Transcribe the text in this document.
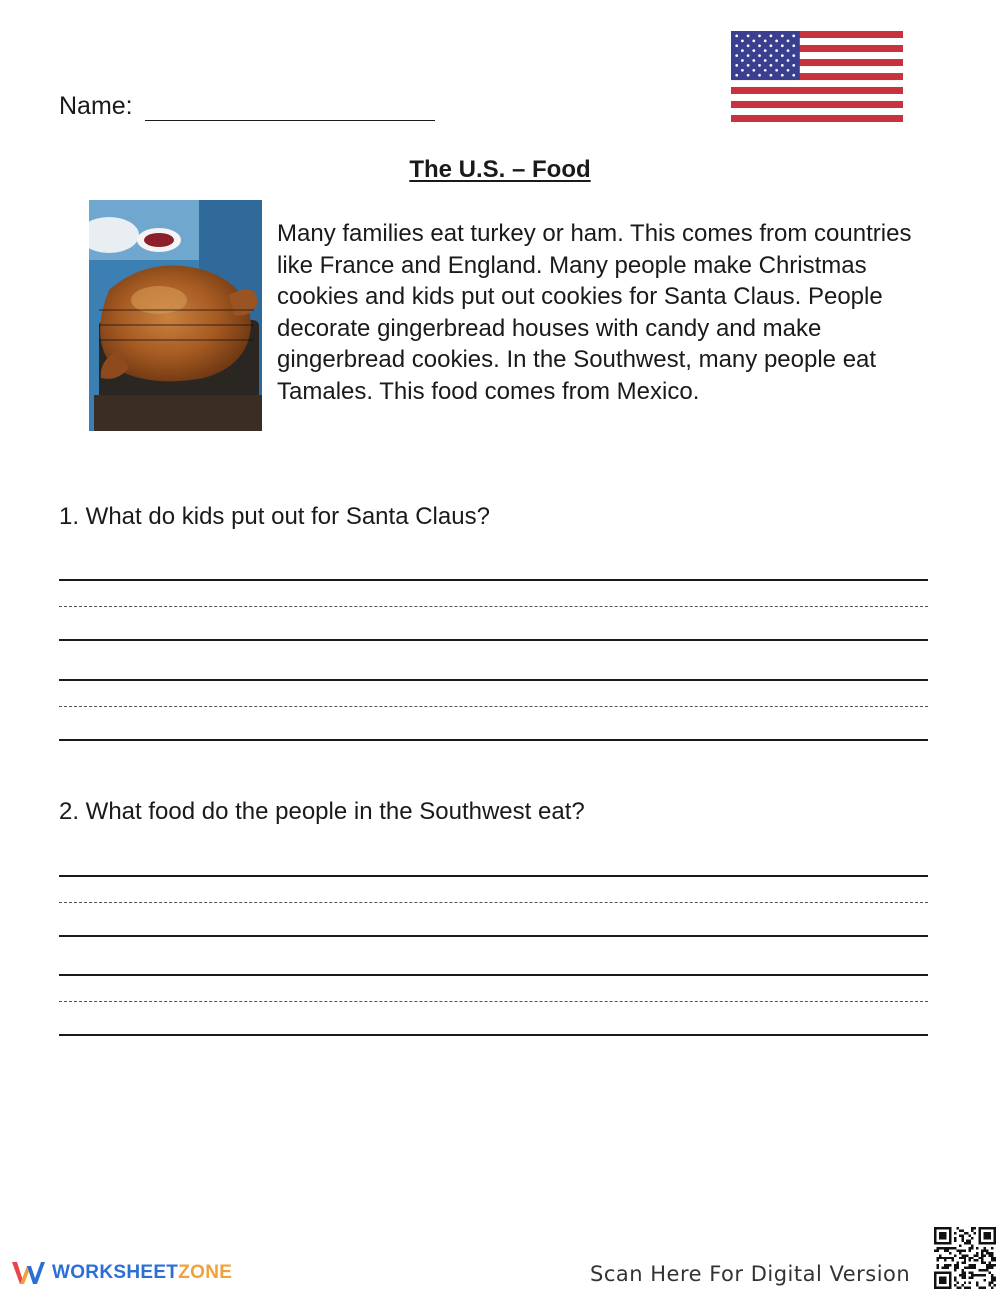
Name:
The U.S. – Food

Many families eat turkey or ham. This comes from countries like France and England. Many people make Christmas cookies and kids put out cookies for Santa Claus. People decorate gingerbread houses with candy and make gingerbread cookies. In the Southwest, many people eat Tamales. This food comes from Mexico.

1. What do kids put out for Santa Claus?
2. What food do the people in the Southwest eat?
WORKSHEETZONE	Scan Here For Digital Version
